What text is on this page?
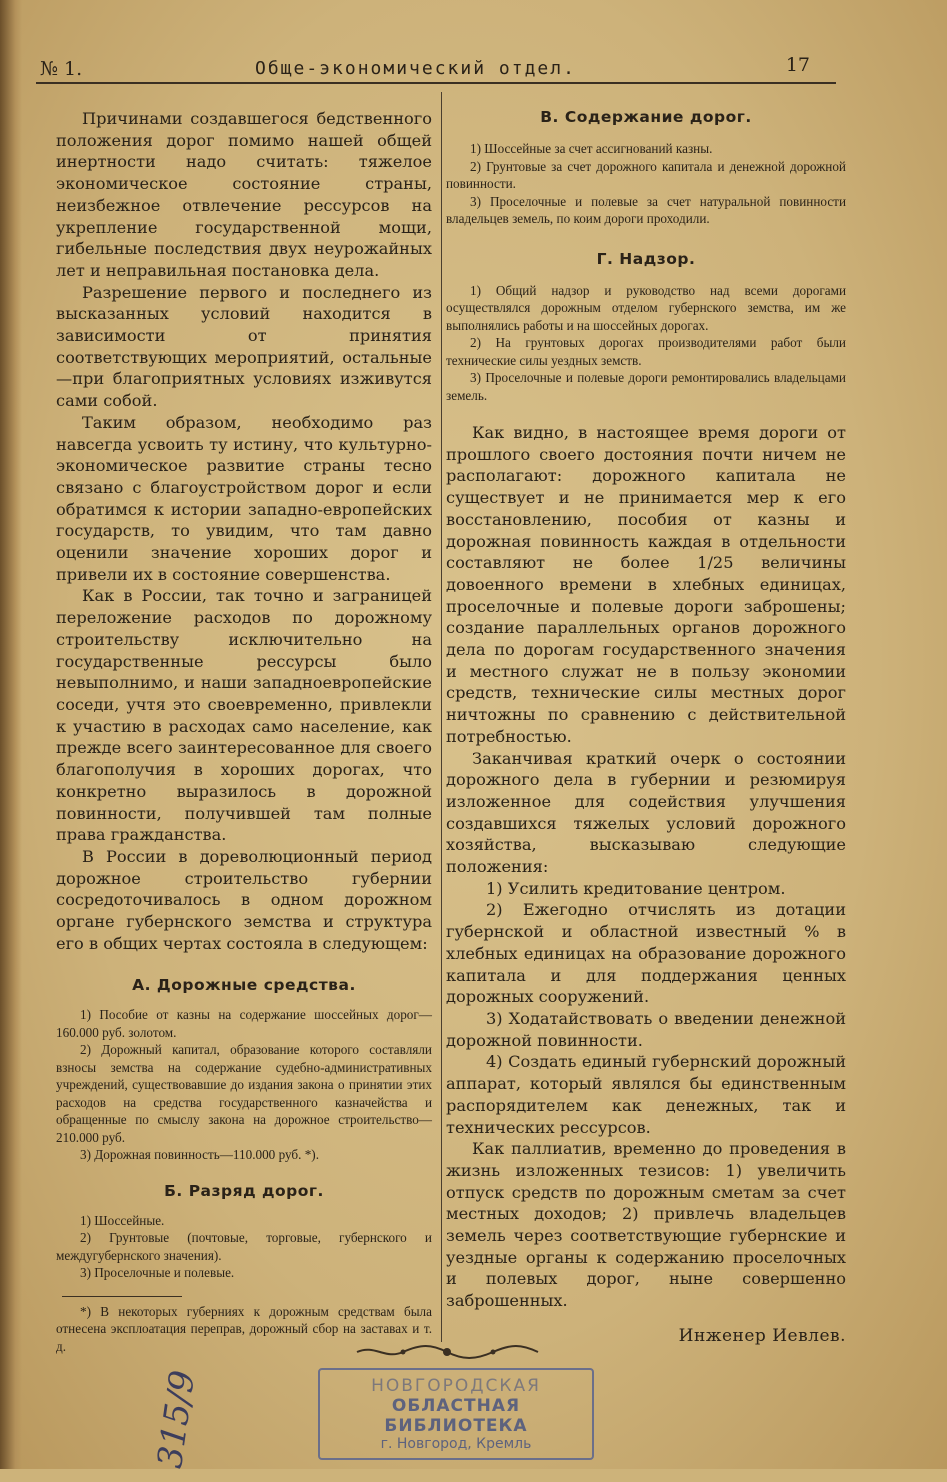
№ 1.	Обще-экономический отдел.	17

Причинами создавшегося бедственного положения дорог помимо нашей общей инертности надо считать: тяжелое экономическое состояние страны, неизбежное отвлечение рессурсов на укрепление государственной мощи, гибельные последствия двух неурожайных лет и неправильная постановка дела.

Разрешение первого и последнего из высказанных условий находится в зависимости от принятия соответствующих мероприятий, остальные—при благоприятных условиях изживутся сами собой.

Таким образом, необходимо раз навсегда усвоить ту истину, что культурно-экономическое развитие страны тесно связано с благоустройством дорог и если обратимся к истории западно-европейских государств, то увидим, что там давно оценили значение хороших дорог и привели их в состояние совершенства.

Как в России, так точно и заграницей переложение расходов по дорожному строительству исключительно на государственные рессурсы было невыполнимо, и наши западноевропейские соседи, учтя это своевременно, привлекли к участию в расходах само население, как прежде всего заинтересованное для своего благополучия в хороших дорогах, что конкретно выразилось в дорожной повинности, получившей там полные права гражданства.

В России в дореволюционный период дорожное строительство губернии сосредоточивалось в одном дорожном органе губернского земства и структура его в общих чертах состояла в следующем:

А. Дорожные средства.

1) Пособие от казны на содержание шоссейных дорог—160.000 руб. золотом.

2) Дорожный капитал, образование которого составляли взносы земства на содержание судебно-административных учреждений, существовавшие до издания закона о принятии этих расходов на средства государственного казначейства и обращенные по смыслу закона на дорожное строительство—210.000 руб.

3) Дорожная повинность—110.000 руб. *).

Б. Разряд дорог.

1) Шоссейные.

2) Грунтовые (почтовые, торговые, губернского и междугубернского значения).

3) Проселочные и полевые.

*) В некоторых губерниях к дорожным средствам была отнесена эксплоатация переправ, дорожный сбор на заставах и т. д.

В. Содержание дорог.

1) Шоссейные за счет ассигнований казны.

2) Грунтовые за счет дорожного капитала и денежной дорожной повинности.

3) Проселочные и полевые за счет натуральной повинности владельцев земель, по коим дороги проходили.

Г. Надзор.

1) Общий надзор и руководство над всеми дорогами осуществлялся дорожным отделом губернского земства, им же выполнялись работы и на шоссейных дорогах.

2) На грунтовых дорогах производителями работ были технические силы уездных земств.

3) Проселочные и полевые дороги ремонтировались владельцами земель.

Как видно, в настоящее время дороги от прошлого своего достояния почти ничем не располагают: дорожного капитала не существует и не принимается мер к его восстановлению, пособия от казны и дорожная повинность каждая в отдельности составляют не более 1/25 величины довоенного времени в хлебных единицах, проселочные и полевые дороги заброшены; создание параллельных органов дорожного дела по дорогам государственного значения и местного служат не в пользу экономии средств, технические силы местных дорог ничтожны по сравнению с действительной потребностью.

Заканчивая краткий очерк о состоянии дорожного дела в губернии и резюмируя изложенное для содействия улучшения создавшихся тяжелых условий дорожного хозяйства, высказываю следующие положения:

1) Усилить кредитование центром.

2) Ежегодно отчислять из дотации губернской и областной известный % в хлебных единицах на образование дорожного капитала и для поддержания ценных дорожных сооружений.

3) Ходатайствовать о введении денежной дорожной повинности.

4) Создать единый губернский дорожный аппарат, который являлся бы единственным распорядителем как денежных, так и технических рессурсов.

Как паллиатив, временно до проведения в жизнь изложенных тезисов: 1) увеличить отпуск средств по дорожным сметам за счет местных доходов; 2) привлечь владельцев земель через соответствующие губернские и уездные органы к содержанию проселочных и полевых дорог, ныне совершенно заброшенных.

Инженер Иевлев.

НОВГОРОДСКАЯ
ОБЛАСТНАЯ БИБЛИОТЕКА
г. Новгород, Кремль
